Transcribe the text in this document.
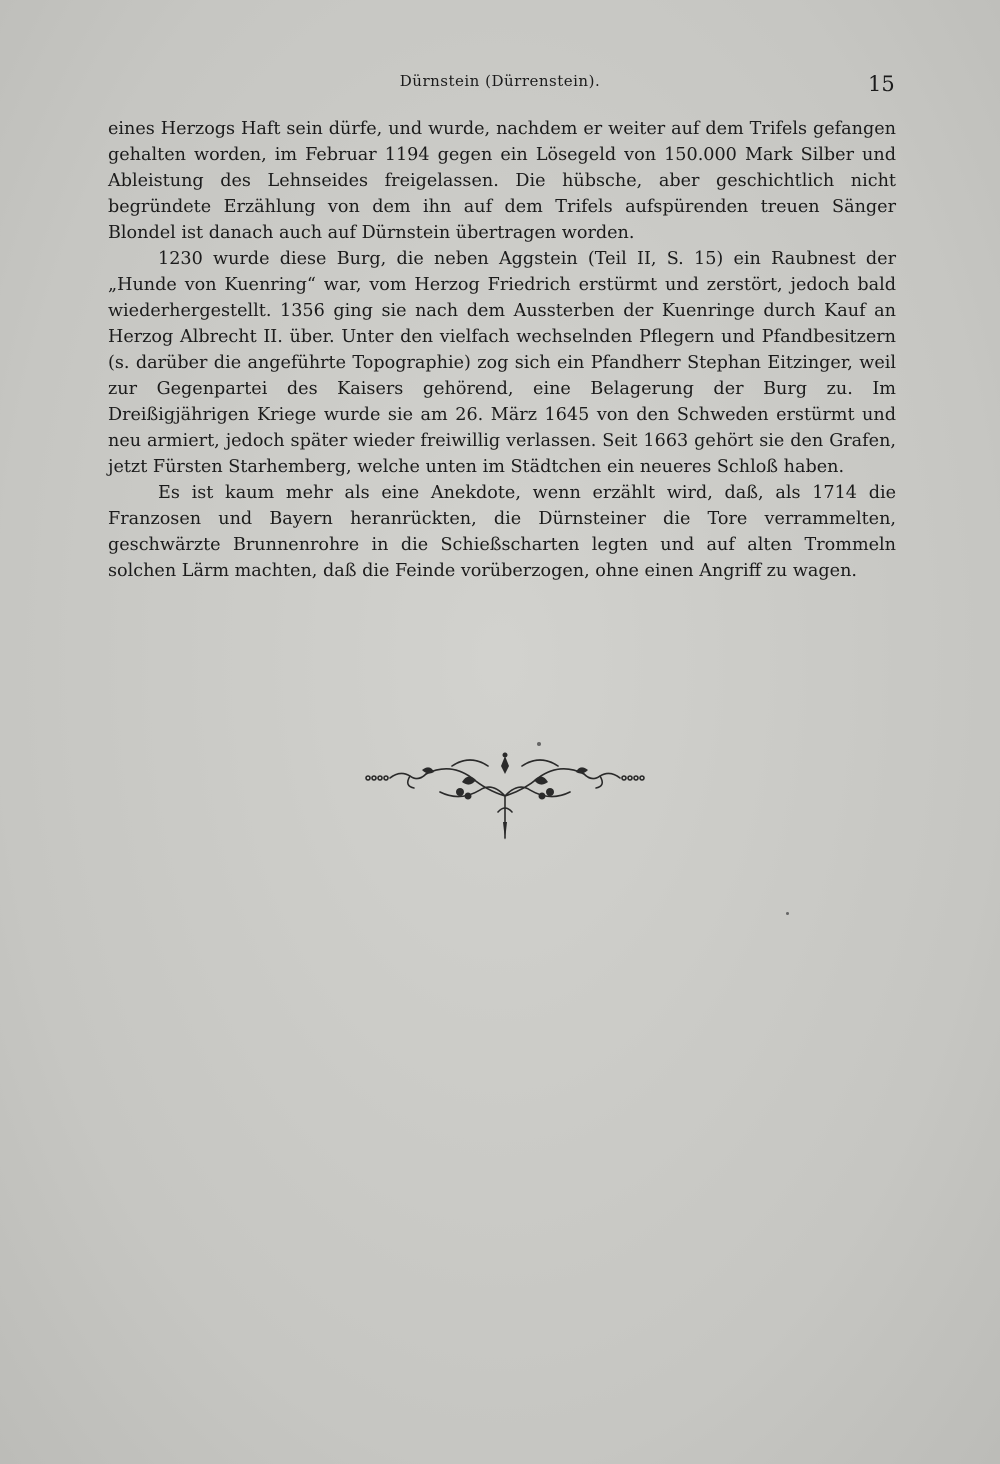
Dürnstein (Dürrenstein).	15

eines Herzogs Haft sein dürfe, und wurde, nachdem er weiter auf dem Trifels gefangen gehalten worden, im Februar 1194 gegen ein Lösegeld von 150.000 Mark Silber und Ableistung des Lehnseides freigelassen. Die hübsche, aber geschichtlich nicht begründete Erzählung von dem ihn auf dem Trifels aufspürenden treuen Sänger Blondel ist danach auch auf Dürnstein übertragen worden.

1230 wurde diese Burg, die neben Aggstein (Teil II, S. 15) ein Raubnest der „Hunde von Kuenring“ war, vom Herzog Friedrich erstürmt und zerstört, jedoch bald wiederhergestellt. 1356 ging sie nach dem Aussterben der Kuenringe durch Kauf an Herzog Albrecht II. über. Unter den vielfach wechselnden Pflegern und Pfandbesitzern (s. darüber die angeführte Topographie) zog sich ein Pfandherr Stephan Eitzinger, weil zur Gegenpartei des Kaisers gehörend, eine Belagerung der Burg zu. Im Dreißigjährigen Kriege wurde sie am 26. März 1645 von den Schweden erstürmt und neu armiert, jedoch später wieder freiwillig verlassen. Seit 1663 gehört sie den Grafen, jetzt Fürsten Starhemberg, welche unten im Städtchen ein neueres Schloß haben.

Es ist kaum mehr als eine Anekdote, wenn erzählt wird, daß, als 1714 die Franzosen und Bayern heranrückten, die Dürnsteiner die Tore verrammelten, geschwärzte Brunnenrohre in die Schießscharten legten und auf alten Trommeln solchen Lärm machten, daß die Feinde vorüberzogen, ohne einen Angriff zu wagen.
